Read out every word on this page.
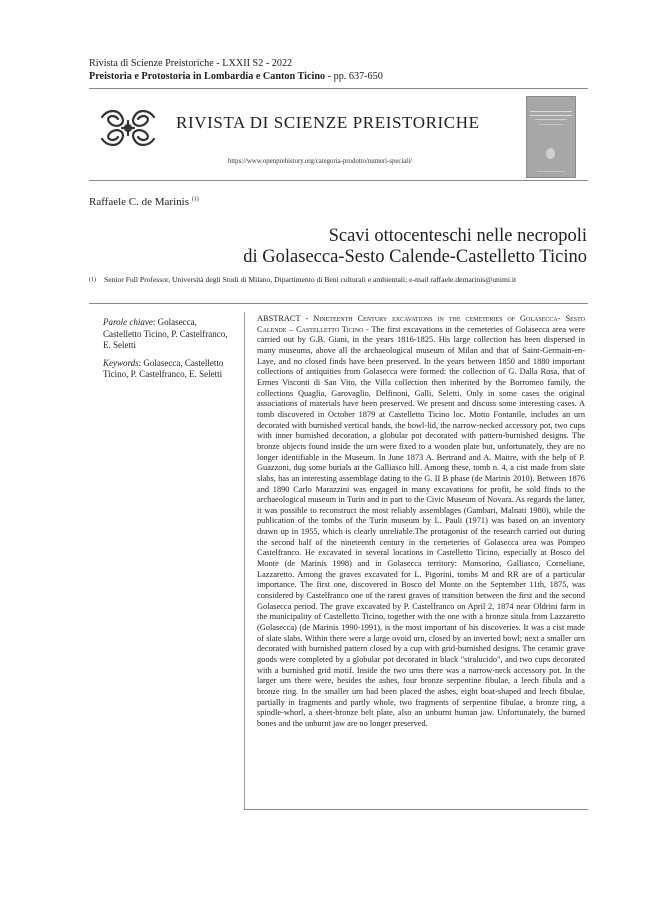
Rivista di Scienze Preistoriche - LXXII S2 - 2022
Preistoria e Protostoria in Lombardia e Canton Ticino - pp. 637-650
RIVISTA DI SCIENZE PREISTORICHE
https://www.openprehistory.org/categoria-prodotto/numeri-speciali/
Raffaele C. de Marinis $^{(1)}$
Scavi ottocenteschi nelle necropoli
di Golasecca-Sesto Calende-Castelletto Ticino
(1) Senior Full Professor, Università degli Studi di Milano, Dipartimento di Beni culturali e ambientali; e-mail raffaele.demarinis@unimi.it

Parole chiave: Golasecca, Castelletto Ticino, P. Castelfranco, E. Seletti

Keywords: Golasecca, Castelletto Ticino, P. Castelfranco, E. Seletti

ABSTRACT - Nineteenth Century excavations in the cemeteries of Golasecca- Sesto Calende – Castelletto Ticino - The first excavations in the cemeteries of Golasecca area were carried out by G.B. Giani, in the years 1816-1825. His large collection has been dispersed in many museums, above all the archaeological museum of Milan and that of Saint-Germain-en-Laye, and no closed finds have been preserved. In the years between 1850 and 1880 important collections of antiquities from Golasecca were formed: the collection of G. Dalla Rosa, that of Ermes Visconti di San Vito, the Villa collection then inherited by the Borromeo family, the collections Quaglia, Garovaglio, Delfinoni, Galli, Seletti. Only in some cases the original associations of materials have been preserved. We present and discuss some interesting cases. A tomb discovered in October 1879 at Castelletto Ticino loc. Motto Fontanile, includes an urn decorated with burnished vertical bands, the bowl-lid, the narrow-necked accessory pot, two cups with inner burnished decoration, a globular pot decorated with pattern-burnished designs. The bronze objects found inside the urn were fixed to a wooden plate but, unfortunately, they are no longer identifiable in the Museum. In June 1873 A. Bertrand and A. Maitre, with the help of P. Guazzoni, dug some burials at the Galliasco hill. Among these, tomb n. 4, a cist made from slate slabs, has an interesting assemblage dating to the G. II B phase (de Marinis 2010). Between 1876 and 1890 Carlo Marazzini was engaged in many excavations for profit, he sold finds to the archaeological museum in Turin and in part to the Civic Museum of Novara. As regards the latter, it was possible to reconstruct the most reliably assemblages (Gambari, Malnati 1980), while the publication of the tombs of the Turin museum by L. Pauli (1971) was based on an inventory drawn up in 1955, which is clearly unreliable.The protagonist of the research carried out during the second half of the nineteenth century in the cemeteries of Golasecca area was Pompeo Castelfranco. He excavated in several locations in Castelletto Ticino, especially at Bosco del Monte (de Marinis 1998) and in Golasecca territory: Monsorino, Galliasco, Corneliane, Lazzaretto. Among the graves excavated for L. Pigorini, tombs M and RR are of a particular importance. The first one, discovered in Bosco del Monte on the September 11th, 1875, was considered by Castelfranco one of the rarest graves of transition between the first and the second Golasecca period. The grave excavated by P. Castelfranco on April 2, 1874 near Oldrini farm in the municipality of Castelletto Ticino, together with the one with a bronze situla from Lazzaretto (Golasecca) (de Marinis 1990-1991), is the most important of his discoveries. It was a cist made of slate slabs. Within there were a large ovoid urn, closed by an inverted bowl; next a smaller urn decorated with burnished pattern closed by a cup with grid-burnished designs. The ceramic grave goods were completed by a globular pot decorated in black "stralucido", and two cups decorated with a burnished grid motif. Inside the two urns there was a narrow-neck accessory pot. In the larger urn there were, besides the ashes, four bronze serpentine fibulae, a leech fibula and a bronze ring. In the smaller urn had been placed the ashes, eight boat-shaped and leech fibulae, partially in fragments and partly whole, two fragments of serpentine fibulae, a bronze ring, a spindle-whorl, a sheet-bronze belt plate, also an unburnt human jaw. Unfortunately, the burned bones and the unburnt jaw are no longer preserved.
